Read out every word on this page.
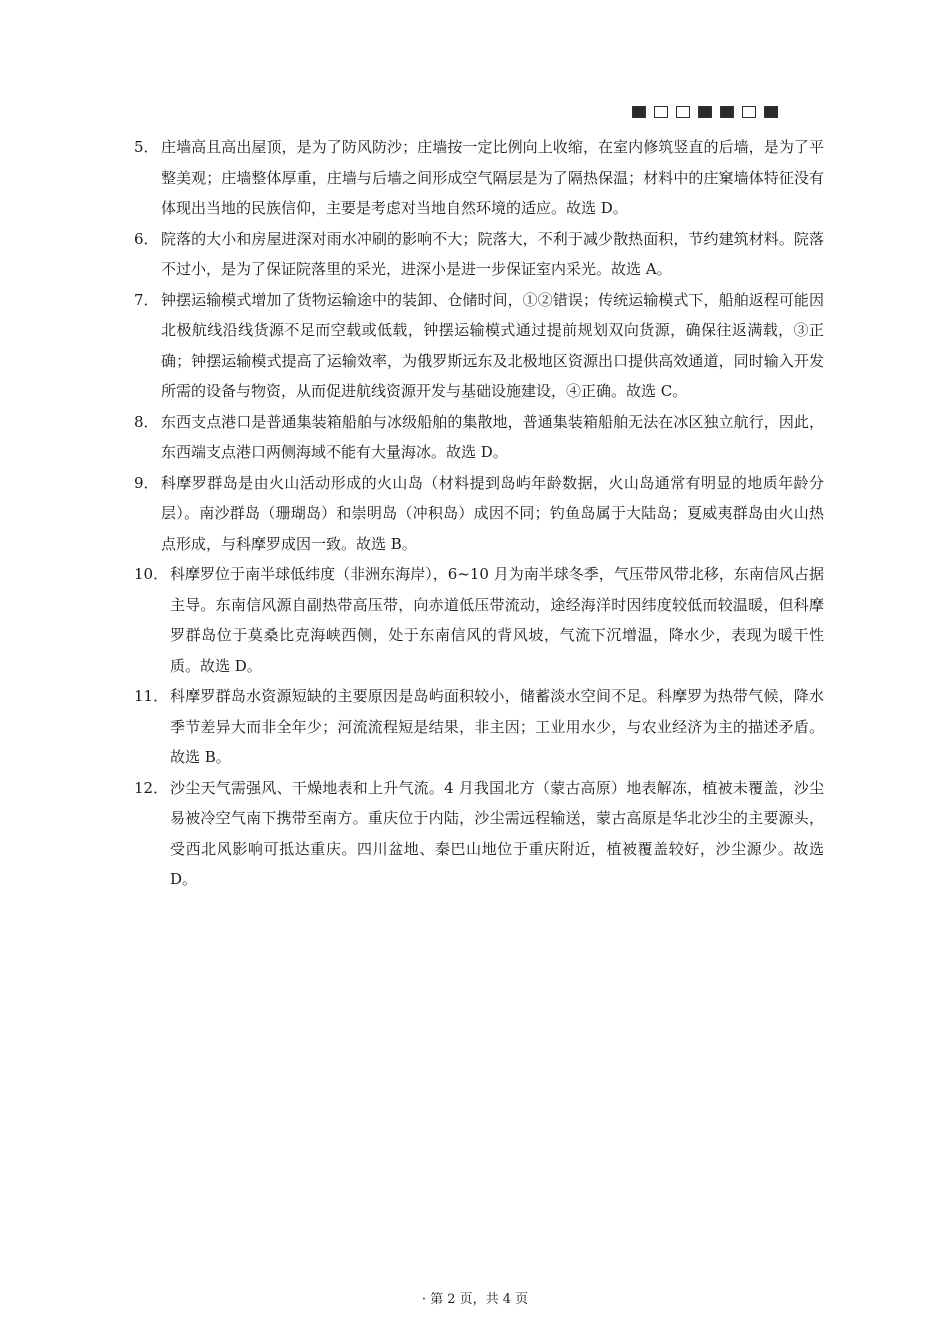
5． 庄墙高且高出屋顶，是为了防风防沙；庄墙按一定比例向上收缩，在室内修筑竖直的后墙，是为了平整美观；庄墙整体厚重，庄墙与后墙之间形成空气隔层是为了隔热保温；材料中的庄窠墙体特征没有体现出当地的民族信仰，主要是考虑对当地自然环境的适应。故选 D。
6． 院落的大小和房屋进深对雨水冲刷的影响不大；院落大，不利于减少散热面积，节约建筑材料。院落不过小，是为了保证院落里的采光，进深小是进一步保证室内采光。故选 A。
7． 钟摆运输模式增加了货物运输途中的装卸、仓储时间，①②错误；传统运输模式下，船舶返程可能因北极航线沿线货源不足而空载或低载，钟摆运输模式通过提前规划双向货源，确保往返满载，③正确；钟摆运输模式提高了运输效率，为俄罗斯远东及北极地区资源出口提供高效通道，同时输入开发所需的设备与物资，从而促进航线资源开发与基础设施建设，④正确。故选 C。
8． 东西支点港口是普通集装箱船舶与冰级船舶的集散地，普通集装箱船舶无法在冰区独立航行，因此，东西端支点港口两侧海域不能有大量海冰。故选 D。
9． 科摩罗群岛是由火山活动形成的火山岛（材料提到岛屿年龄数据，火山岛通常有明显的地质年龄分层）。南沙群岛（珊瑚岛）和崇明岛（冲积岛）成因不同；钓鱼岛属于大陆岛；夏威夷群岛由火山热点形成，与科摩罗成因一致。故选 B。
10． 科摩罗位于南半球低纬度（非洲东海岸），6~10 月为南半球冬季，气压带风带北移，东南信风占据主导。东南信风源自副热带高压带，向赤道低压带流动，途经海洋时因纬度较低而较温暖，但科摩罗群岛位于莫桑比克海峡西侧，处于东南信风的背风坡，气流下沉增温，降水少，表现为暖干性质。故选 D。
11． 科摩罗群岛水资源短缺的主要原因是岛屿面积较小，储蓄淡水空间不足。科摩罗为热带气候，降水季节差异大而非全年少；河流流程短是结果，非主因；工业用水少，与农业经济为主的描述矛盾。故选 B。
12． 沙尘天气需强风、干燥地表和上升气流。4 月我国北方（蒙古高原）地表解冻，植被未覆盖，沙尘易被冷空气南下携带至南方。重庆位于内陆，沙尘需远程输送，蒙古高原是华北沙尘的主要源头，受西北风影响可抵达重庆。四川盆地、秦巴山地位于重庆附近，植被覆盖较好，沙尘源少。故选 D。
· 第 2 页，共 4 页
